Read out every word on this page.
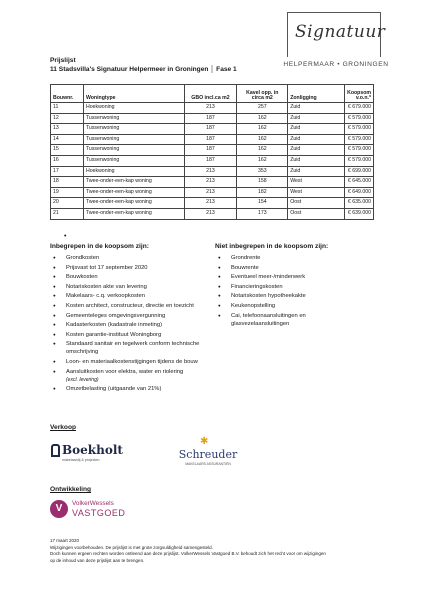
Signatuur
HELPERMAAR • GRONINGEN
Prijslijst
11 Stadsvilla's Signatuur Helpermeer in Groningen │ Fase 1
Bouwnr.	Woningtype	GBO incl.ca m2	Kavel opp. in circa m2	Zonligging	Koopsom v.o.n.*
11	Hoekwoning	213	257	Zuid	€ 679.000
12	Tussenwoning	187	162	Zuid	€ 579.000
13	Tussenwoning	187	162	Zuid	€ 579.000
14	Tussenwoning	187	162	Zuid	€ 579.000
15	Tussenwoning	187	162	Zuid	€ 579.000
16	Tussenwoning	187	162	Zuid	€ 579.000
17	Hoekwoning	213	353	Zuid	€ 699.000
18	Twee-onder-een-kap woning	213	158	West	€ 645.000
19	Twee-onder-een-kap woning	213	182	West	€ 649.000
20	Twee-onder-een-kap woning	213	154	Oost	€ 635.000
21	Twee-onder-een-kap woning	213	173	Oost	€ 639.000
•
Inbegrepen in de koopsom zijn:
● Grondkosten
● Prijsvast tot 17 september 2020
● Bouwkosten
● Notariskosten akte van levering
● Makelaars- c.q. verkoopkosten
● Kosten architect, constructeur, directie en toezicht
● Gemeenteleges omgevingsvergunning
● Kadasterkosten (kadastrale inmeting)
● Kosten garantie-instituut Woningborg
● Standaard sanitair en tegelwerk conform technische omschrijving
● Loon- en materiaalkostenstijgingen tijdens de bouw
● Aansluitkosten voor elektra, water en riolering
(excl. levering)
● Omzetbelasting (uitgaande van 21%)
Niet inbegrepen in de koopsom zijn:
● Grondrente
● Bouwrente
● Eventueel meer-/minderwerk
● Financieringskosten
● Notariskosten hypotheekakte
● Keukenopstelling
● Cai, telefoonaansluitingen en glasvezelaansluitingen
Verkoop
Boekholt
makelaardij & projecten
✱
Schreuder
MAKELAARS ASSURANTIËN
Ontwikkeling
V	VolkerWessels
VASTGOED
17 maart 2020
Wijzigingen voorbehouden. De prijslijst is met grote zorgvuldigheid samengesteld.
Doch kunnen ergeen rechten worden ontleend aan deze prijslijst. VolkerWessels Vastgoed B.V. behoudt zich het recht voor om wijzigingen
op de inhoud van deze prijslijst aan te brengen.
